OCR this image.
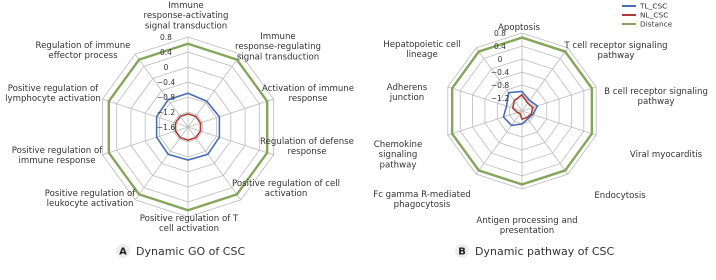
0.8
0.4
0
−0.4
−0.8
−1.2
−1.6
Immune response-activating signal transduction
Immune response-regulating signal transduction
Activation of immune response
Regulation of defense response
Positive regulation of cell activation
Positive regulation of T cell activation
Positive regulation of leukocyte activation
Positive regulation of immune response
Positive regulation of lymphocyte activation
Regulation of immune effector process
A Dynamic GO of CSC
0.8
0.4
0
−0.4
−0.8
−1.2
Apoptosis
T cell receptor signaling pathway
B cell receptor signaling pathway
Viral myocarditis
Endocytosis
Antigen processing and presentation
Fc gamma R-mediated phagocytosis
Chemokine signaling pathway
Adherens junction
Hepatopoietic cell lineage
B Dynamic pathway of CSC
TL_CSC
NL_CSC
Distance
